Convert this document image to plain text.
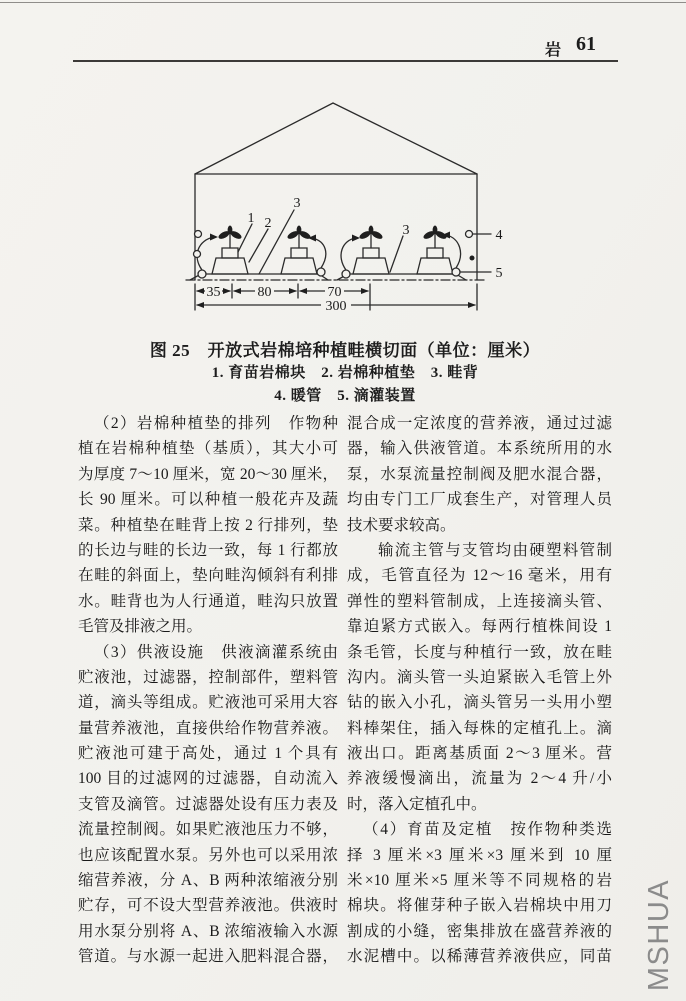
岩 61
1 2
3
3	4
5
35	80	70
300
图 25　开放式岩棉培种植畦横切面（单位：厘米）
1. 育苗岩棉块　2. 岩棉种植垫　3. 畦背
4. 暖管　5. 滴灌装置
（2）岩棉种植垫的排列　作物种
植在岩棉种植垫（基质），其大小可
为厚度 7～10 厘米，宽 20～30 厘米，
长 90 厘米。可以种植一般花卉及蔬
菜。种植垫在畦背上按 2 行排列，垫
的长边与畦的长边一致，每 1 行都放
在畦的斜面上，垫向畦沟倾斜有利排
水。畦背也为人行通道，畦沟只放置
毛管及排液之用。
（3）供液设施　供液滴灌系统由
贮液池，过滤器，控制部件，塑料管
道，滴头等组成。贮液池可采用大容
量营养液池，直接供给作物营养液。
贮液池可建于高处，通过 1 个具有
100 目的过滤网的过滤器，自动流入
支管及滴管。过滤器处设有压力表及
流量控制阀。如果贮液池压力不够，
也应该配置水泵。另外也可以采用浓
缩营养液，分 A、B 两种浓缩液分别
贮存，可不设大型营养液池。供液时
用水泵分别将 A、B 浓缩液输入水源
管道。与水源一起进入肥料混合器，
混合成一定浓度的营养液，通过过滤
器，输入供液管道。本系统所用的水
泵，水泵流量控制阀及肥水混合器，
均由专门工厂成套生产，对管理人员
技术要求较高。
输流主管与支管均由硬塑料管制
成，毛管直径为 12～16 毫米，用有
弹性的塑料管制成，上连接滴头管、
靠迫紧方式嵌入。每两行植株间设 1
条毛管，长度与种植行一致，放在畦
沟内。滴头管一头迫紧嵌入毛管上外
钻的嵌入小孔，滴头管另一头用小塑
料棒架住，插入每株的定植孔上。滴
液出口。距离基质面 2～3 厘米。营
养液缓慢滴出，流量为 2～4 升/小
时，落入定植孔中。
（4）育苗及定植　按作物种类选
择 3 厘米×3 厘米×3 厘米到 10 厘
米×10 厘米×5 厘米等不同规格的岩
棉块。将催芽种子嵌入岩棉块中用刀
割成的小缝，密集排放在盛营养液的
水泥槽中。以稀薄营养液供应，同苗 MSHUA
